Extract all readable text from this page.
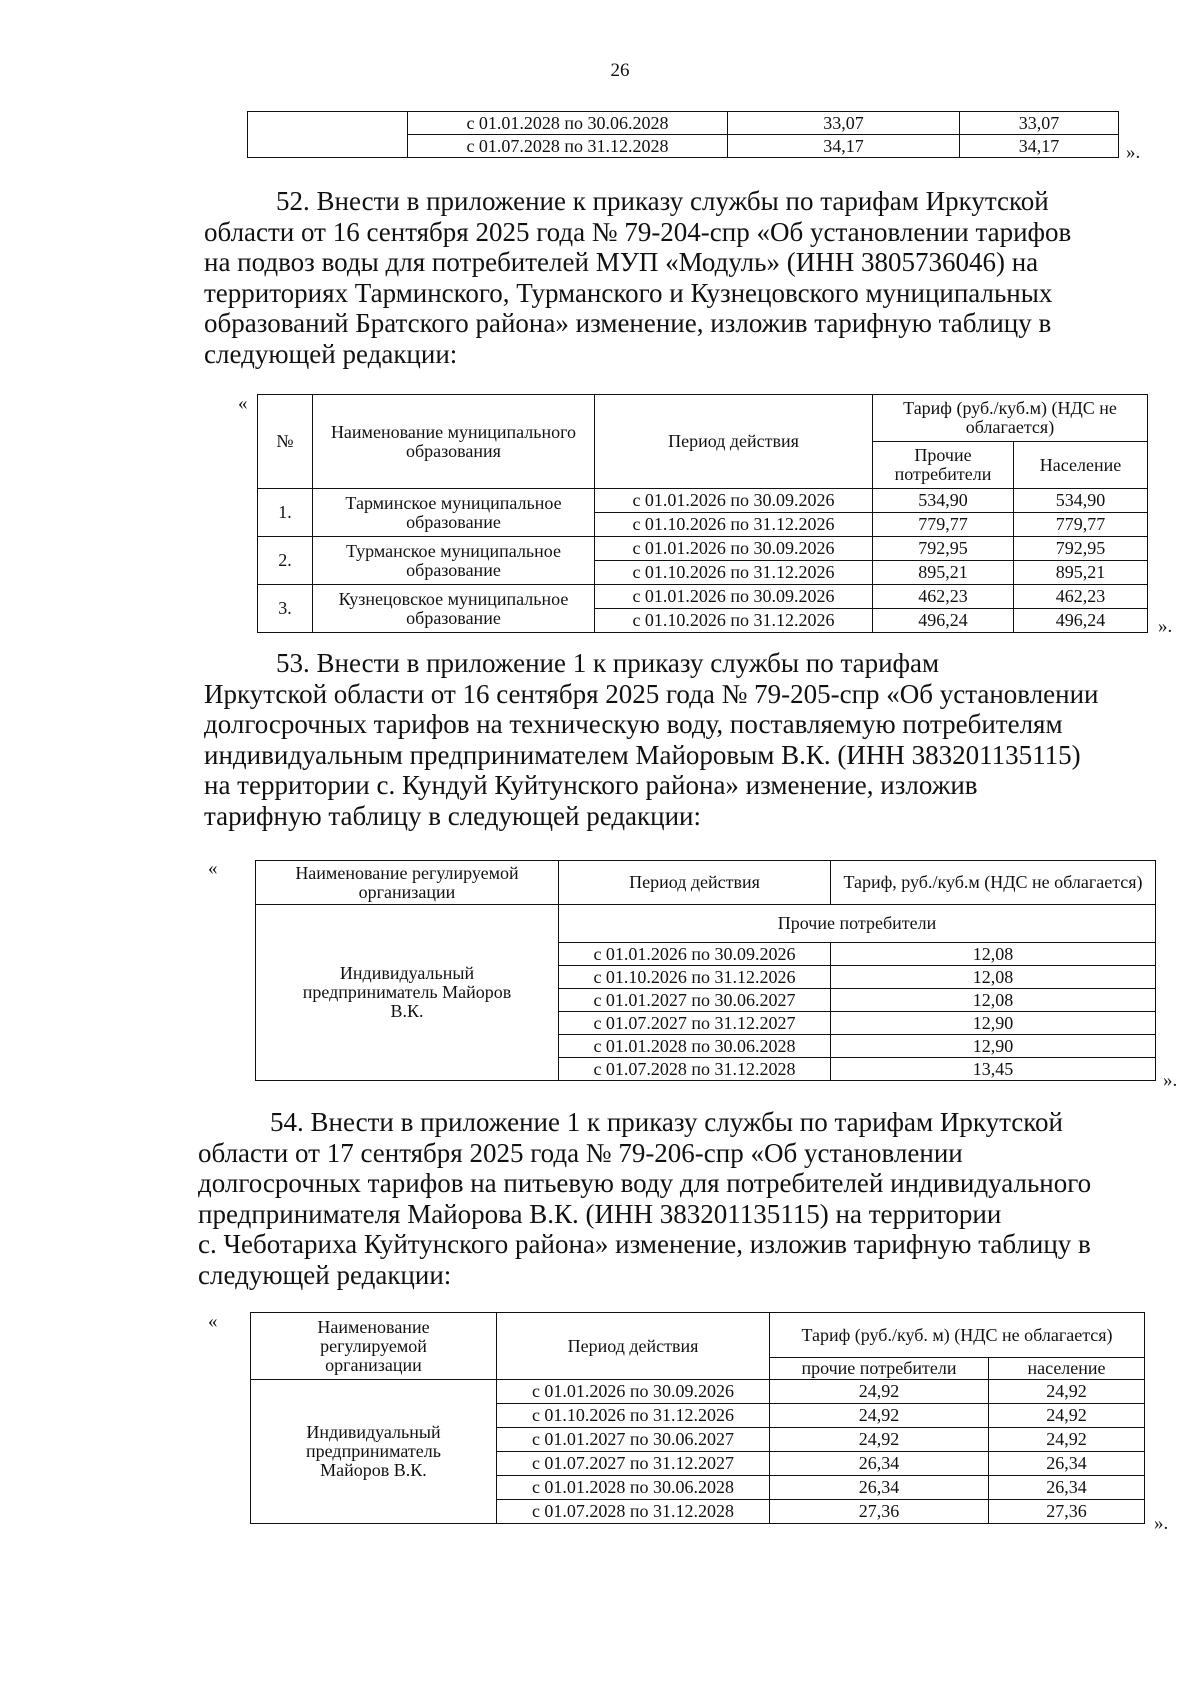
26
	с 01.01.2028 по 30.06.2028	33,07	33,07
	с 01.07.2028 по 31.12.2028	34,17	34,17	».
52. Внести в приложение к приказу службы по тарифам Иркутской
области от 16 сентября 2025 года № 79-204-спр «Об установлении тарифов
на подвоз воды для потребителей МУП «Модуль» (ИНН 3805736046) на
территориях Тарминского, Турманского и Кузнецовского муниципальных
образований Братского района» изменение, изложив тарифную таблицу в
следующей редакции:
«
№	Наименование муниципального образования	Период действия	Тариф (руб./куб.м) (НДС не облагается)	
			Прочие потребители	Население
1.	Тарминское муниципальное образование	с 01.01.2026 по 30.09.2026	534,90	534,90
		с 01.10.2026 по 31.12.2026	779,77	779,77
2.	Турманское муниципальное образование	с 01.01.2026 по 30.09.2026	792,95	792,95
		с 01.10.2026 по 31.12.2026	895,21	895,21
3.	Кузнецовское муниципальное образование	с 01.01.2026 по 30.09.2026	462,23	462,23
		с 01.10.2026 по 31.12.2026	496,24	496,24	».
53. Внести в приложение 1 к приказу службы по тарифам
Иркутской области от 16 сентября 2025 года № 79-205-спр «Об установлении
долгосрочных тарифов на техническую воду, поставляемую потребителям
индивидуальным предпринимателем Майоровым В.К. (ИНН 383201135115)
на территории с. Кундуй Куйтунского района» изменение, изложив
тарифную таблицу в следующей редакции:
«	Наименование регулируемой организации	Период действия	Тариф, руб./куб.м (НДС не облагается)
Индивидуальный предприниматель Майоров В.К.	Прочие потребители	
	с 01.01.2026 по 30.09.2026	12,08
	с 01.10.2026 по 31.12.2026	12,08
	с 01.01.2027 по 30.06.2027	12,08
	с 01.07.2027 по 31.12.2027	12,90
	с 01.01.2028 по 30.06.2028	12,90
	с 01.07.2028 по 31.12.2028	13,45
».
54. Внести в приложение 1 к приказу службы по тарифам Иркутской
области от 17 сентября 2025 года № 79-206-спр «Об установлении
долгосрочных тарифов на питьевую воду для потребителей индивидуального
предпринимателя Майорова В.К. (ИНН 383201135115) на территории
с. Чеботариха Куйтунского района» изменение, изложив тарифную таблицу в
следующей редакции:
«	Наименование регулируемой организации	Период действия	Тариф (руб./куб. м) (НДС не облагается)	
		прочие потребители	население
Индивидуальный предприниматель Майоров В.К.	с 01.01.2026 по 30.09.2026	24,92	24,92
	с 01.10.2026 по 31.12.2026	24,92	24,92
	с 01.01.2027 по 30.06.2027	24,92	24,92
	с 01.07.2027 по 31.12.2027	26,34	26,34
	с 01.01.2028 по 30.06.2028	26,34	26,34
	с 01.07.2028 по 31.12.2028	27,36	27,36
».
